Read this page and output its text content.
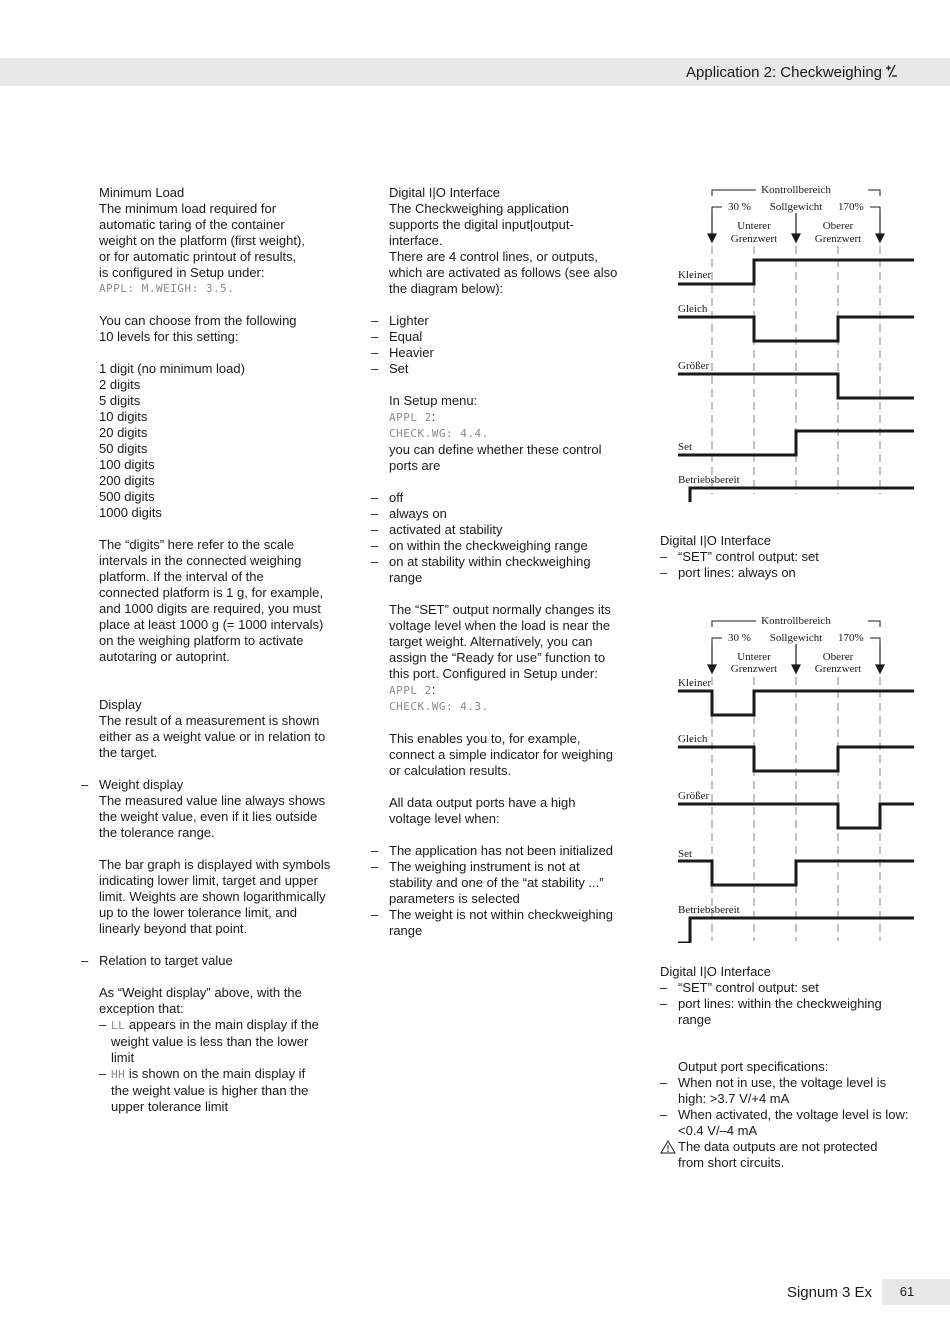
Application 2: Checkweighing

Minimum Load

The minimum load required for

automatic taring of the container

weight on the platform (first weight),

or for automatic printout of results,

is configured in Setup under:

APPL: M.WEIGH: 3.5.

You can choose from the following

10 levels for this setting:

1 digit (no minimum load)

2 digits

5 digits

10 digits

20 digits

50 digits

100 digits

200 digits

500 digits

1000 digits

The “digits” here refer to the scale

intervals in the connected weighing

platform. If the interval of the

connected platform is 1 g, for example,

and 1000 digits are required, you must

place at least 1000 g (= 1000 intervals)

on the weighing platform to activate

autotaring or autoprint.

Display

The result of a measurement is shown

either as a weight value or in relation to

the target.

– Weight display

The measured value line always shows

the weight value, even if it lies outside

the tolerance range.

The bar graph is displayed with symbols

indicating lower limit, target and upper

limit. Weights are shown logarithmically

up to the lower tolerance limit, and

linearly beyond that point.

– Relation to target value

As “Weight display” above, with the

exception that:

– LL appears in the main display if the

weight value is less than the lower

limit

– HH is shown on the main display if

the weight value is higher than the

upper tolerance limit

Digital I|O Interface

The Checkweighing application

supports the digital input|output-

interface.

There are 4 control lines, or outputs,

which are activated as follows (see also

the diagram below):

– Lighter

– Equal

– Heavier

– Set

In Setup menu:

APPL 2:

CHECK.WG: 4.4.

you can define whether these control

ports are

– off

– always on

– activated at stability

– on within the checkweighing range

– on at stability within checkweighing

range

The “SET” output normally changes its

voltage level when the load is near the

target weight. Alternatively, you can

assign the “Ready for use” function to

this port. Configured in Setup under:

APPL 2:

CHECK.WG: 4.3.

This enables you to, for example,

connect a simple indicator for weighing

or calculation results.

All data output ports have a high

voltage level when:

– The application has not been initialized

– The weighing instrument is not at

stability and one of the “at stability ...”

parameters is selected

– The weight is not within checkweighing

range

Kontrollbereich
30 % Sollgewicht 170%
Unterer
Grenzwert
Oberer
Grenzwert
Kleiner
Gleich
Größer
Set
Betriebsbereit

Digital I|O Interface

– “SET” control output: set

– port lines: always on

Kontrollbereich
30 % Sollgewicht 170%
Unterer
Grenzwert
Oberer
Grenzwert
Kleiner
Gleich
Größer
Set
Betriebsbereit

Digital I|O Interface

– “SET” control output: set

– port lines: within the checkweighing

range

Output port specifications:

– When not in use, the voltage level is

high: >3.7 V/+4 mA

– When activated, the voltage level is low:

<0.4 V/–4 mA

The data outputs are not protected

from short circuits.

Signum 3 Ex	61
